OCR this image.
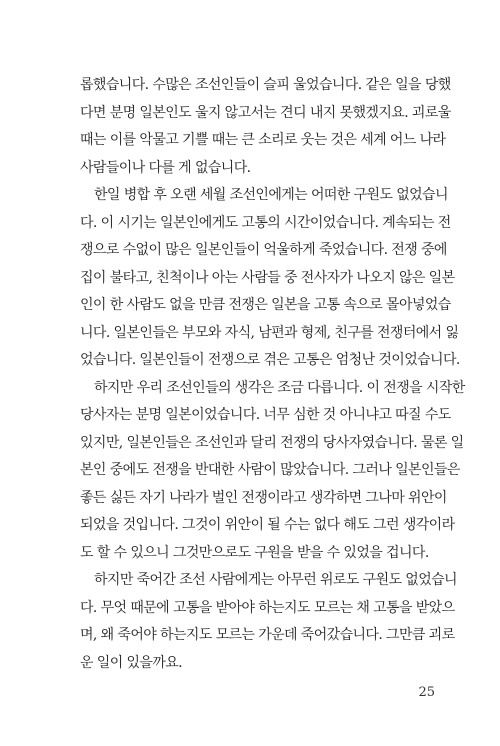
롭했습니다. 수많은 조선인들이 슬피 울었습니다. 같은 일을 당했
다면 분명 일본인도 울지 않고서는 견디 내지 못했겠지요. 괴로울
때는 이를 악물고 기쁠 때는 큰 소리로 웃는 것은 세계 어느 나라
사람들이나 다를 게 없습니다.
한일 병합 후 오랜 세월 조선인에게는 어떠한 구원도 없었습니
다. 이 시기는 일본인에게도 고통의 시간이었습니다. 계속되는 전
쟁으로 수없이 많은 일본인들이 억울하게 죽었습니다. 전쟁 중에
집이 불타고, 친척이나 아는 사람들 중 전사자가 나오지 않은 일본
인이 한 사람도 없을 만큼 전쟁은 일본을 고통 속으로 몰아넣었습
니다. 일본인들은 부모와 자식, 남편과 형제, 친구를 전쟁터에서 잃
었습니다. 일본인들이 전쟁으로 겪은 고통은 엄청난 것이었습니다.
하지만 우리 조선인들의 생각은 조금 다릅니다. 이 전쟁을 시작한
당사자는 분명 일본이었습니다. 너무 심한 것 아니냐고 따질 수도
있지만, 일본인들은 조선인과 달리 전쟁의 당사자였습니다. 물론 일
본인 중에도 전쟁을 반대한 사람이 많았습니다. 그러나 일본인들은
좋든 싫든 자기 나라가 벌인 전쟁이라고 생각하면 그나마 위안이
되었을 것입니다. 그것이 위안이 될 수는 없다 해도 그런 생각이라
도 할 수 있으니 그것만으로도 구원을 받을 수 있었을 겁니다.
하지만 죽어간 조선 사람에게는 아무런 위로도 구원도 없었습니
다. 무엇 때문에 고통을 받아야 하는지도 모르는 채 고통을 받았으
며, 왜 죽어야 하는지도 모르는 가운데 죽어갔습니다. 그만큼 괴로
운 일이 있을까요.
25
